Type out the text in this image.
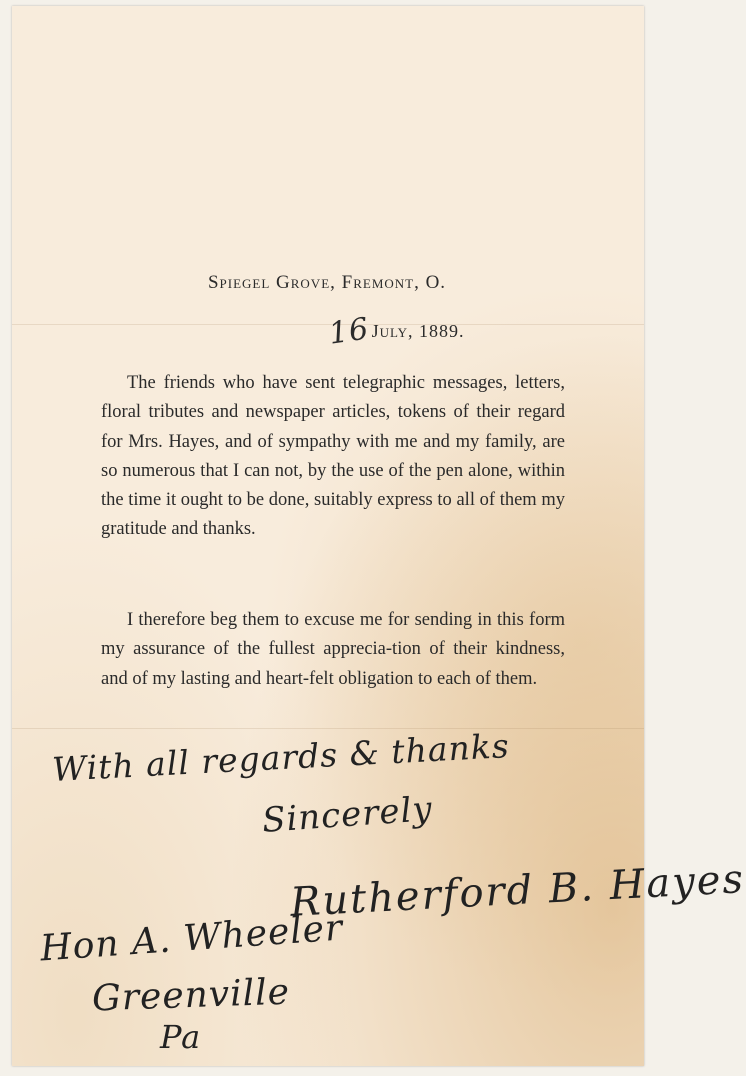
Spiegel Grove, Fremont, O.
16July, 1889.
The friends who have sent telegraphic messages, letters, floral tributes and newspaper articles, tokens of their regard for Mrs. Hayes, and of sympathy with me and my family, are so numerous that I can not, by the use of the pen alone, within the time it ought to be done, suitably express to all of them my gratitude and thanks.
I therefore beg them to excuse me for sending in this form my assurance of the fullest apprecia-tion of their kindness, and of my lasting and heart-felt obligation to each of them.
With all regards & thanks
Sincerely
Rutherford B. Hayes
Hon A. Wheeler
Greenville
Pa
